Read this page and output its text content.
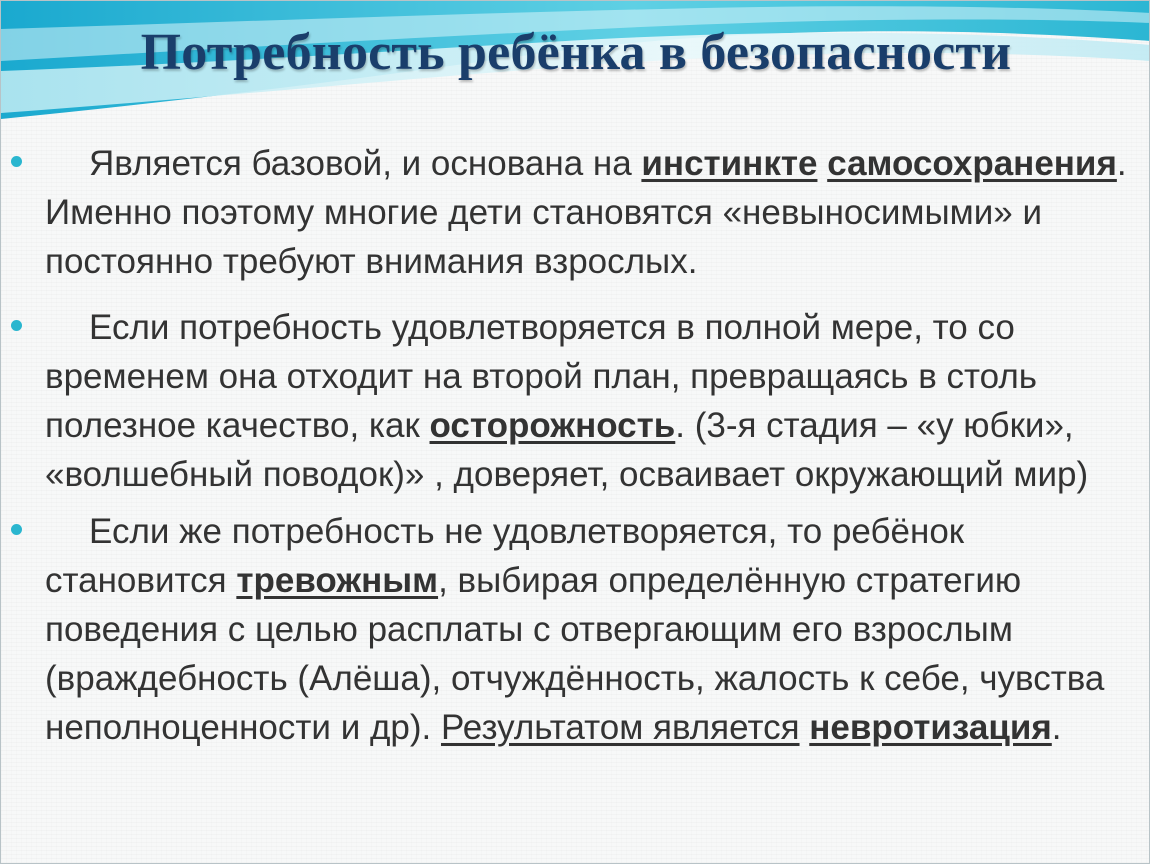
Потребность ребёнка в безопасности

Является базовой, и основана на инстинкте самосохранения. Именно поэтому многие дети становятся «невыносимыми» и постоянно требуют внимания взрослых.

Если потребность удовлетворяется в полной мере, то со временем она отходит на второй план, превращаясь в столь полезное качество, как осторожность. (3-я стадия – «у юбки», «волшебный поводок)» , доверяет, осваивает окружающий мир)

Если же потребность не удовлетворяется, то ребёнок становится тревожным, выбирая определённую стратегию поведения с целью расплаты с отвергающим его взрослым (враждебность (Алёша), отчуждённость, жалость к себе, чувства неполноценности и др). Результатом является невротизация.
